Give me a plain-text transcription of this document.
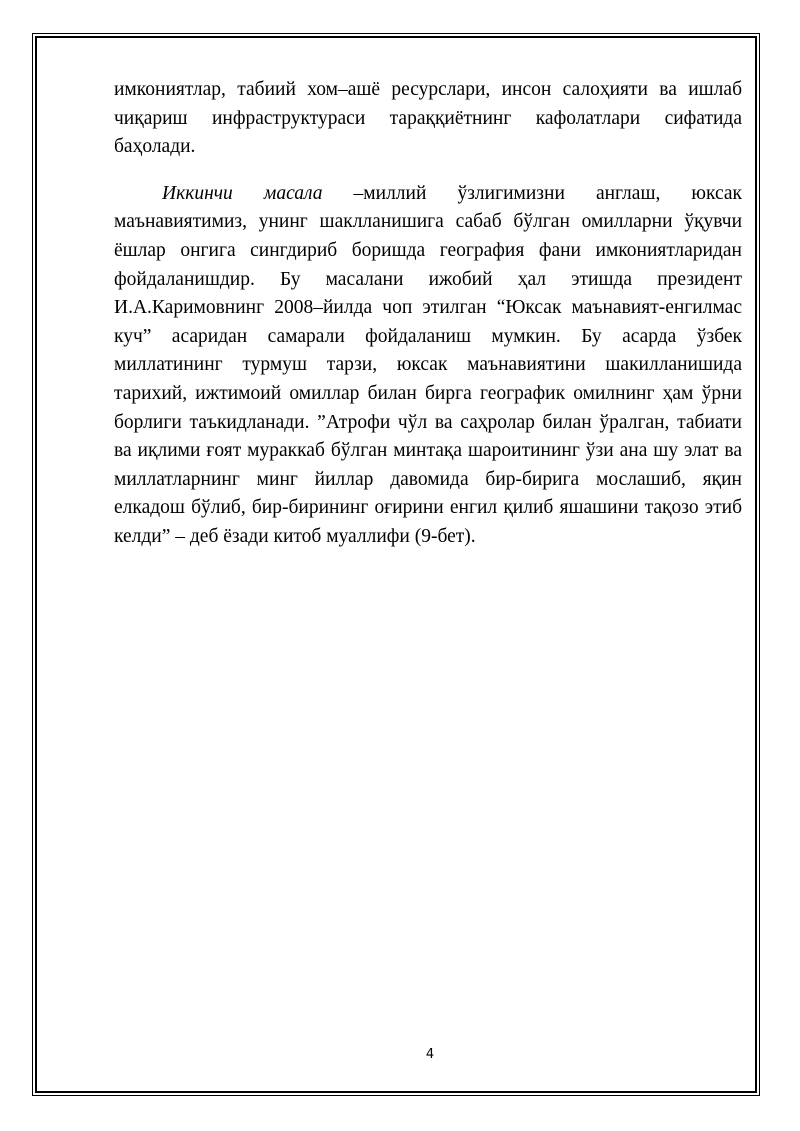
имкониятлар, табиий хом–ашё ресурслари, инсон салоҳияти ва ишлаб чиқариш инфраструктураси тараққиётнинг кафолатлари сифатида баҳолади.

Иккинчи масала –миллий ўзлигимизни англаш, юксак маънавиятимиз, унинг шаклланишига сабаб бўлган омилларни ўқувчи ёшлар онгига сингдириб боришда география фани имкониятларидан фойдаланишдир. Бу масалани ижобий ҳал этишда президент И.А.Каримовнинг 2008–йилда чоп этилган “Юксак маънавият-енгилмас куч” асаридан самарали фойдаланиш мумкин. Бу асарда ўзбек миллатининг турмуш тарзи, юксак маънавиятини шакилланишида тарихий, ижтимоий омиллар билан бирга географик омилнинг ҳам ўрни борлиги таъкидланади. ”Атрофи чўл ва саҳролар билан ўралган, табиати ва иқлими ғоят мураккаб бўлган минтақа шароитининг ўзи ана шу элат ва миллатларнинг минг йиллар давомида бир-бирига мослашиб, яқин елкадош бўлиб, бир-бирининг оғирини енгил қилиб яшашини тақозо этиб келди” – деб ёзади китоб муаллифи (9-бет).

4
